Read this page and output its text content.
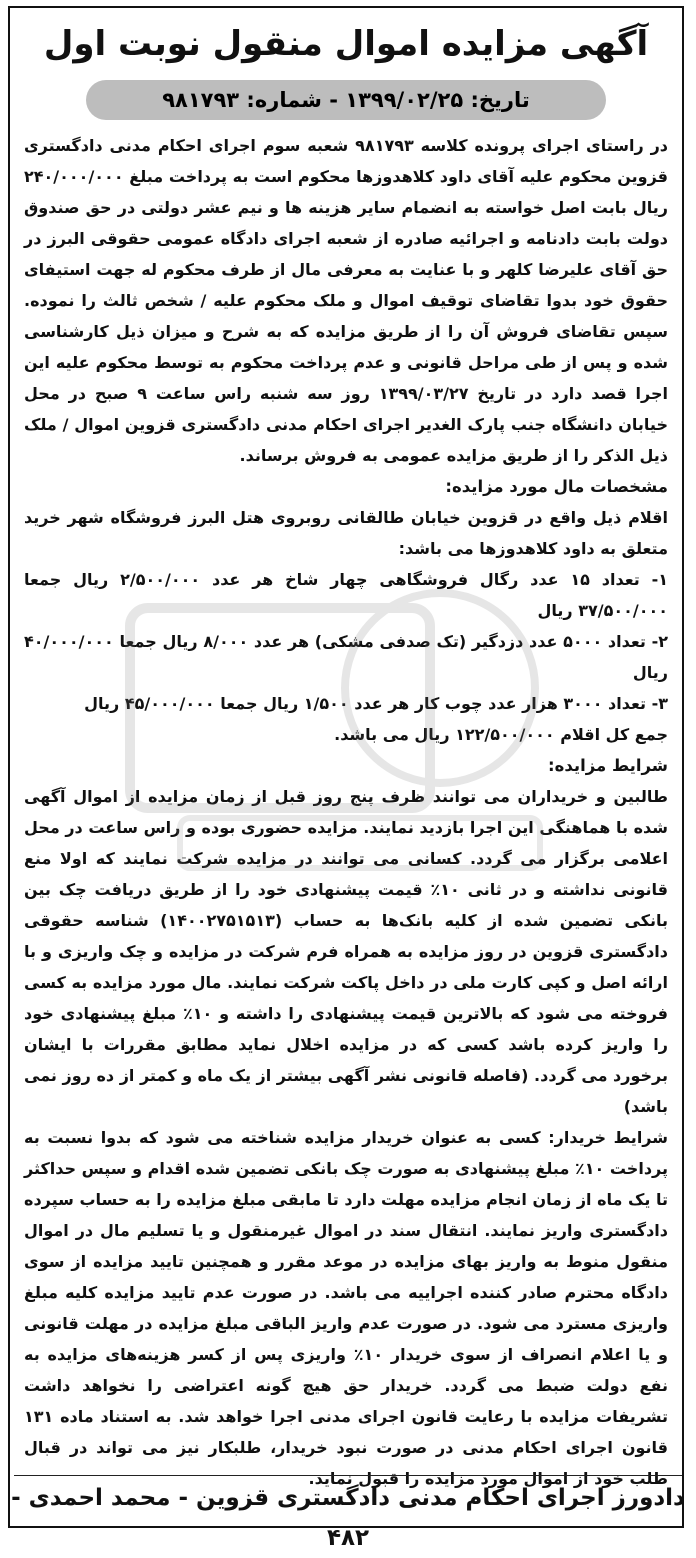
آگهی مزایده اموال منقول نوبت اول
تاریخ: ۱۳۹۹/۰۲/۲۵ - شماره: ۹۸۱۷۹۳

در راستای اجرای پرونده کلاسه ۹۸۱۷۹۳ شعبه سوم اجرای احکام مدنی دادگستری قزوین محکوم علیه آقای داود کلاهدوزها محکوم است به پرداخت مبلغ ۲۴۰/۰۰۰/۰۰۰ ریال بابت اصل خواسته به انضمام سایر هزینه ها و نیم عشر دولتی در حق صندوق دولت بابت دادنامه و اجرائیه صادره از شعبه اجرای دادگاه عمومی حقوقی البرز در حق آقای علیرضا کلهر و با عنایت به معرفی مال از طرف محکوم له جهت استیفای حقوق خود بدوا تقاضای توقیف اموال و ملک محکوم علیه / شخص ثالث را نموده. سپس تقاضای فروش آن را از طریق مزایده که به شرح و میزان ذیل کارشناسی شده و پس از طی مراحل قانونی و عدم پرداخت محکوم به توسط محکوم علیه این اجرا قصد دارد در تاریخ ۱۳۹۹/۰۳/۲۷ روز سه شنبه راس ساعت ۹ صبح در محل خیابان دانشگاه جنب پارک الغدیر اجرای احکام مدنی دادگستری قزوین اموال / ملک ذیل الذکر را از طریق مزایده عمومی به فروش برساند.

مشخصات مال مورد مزایده:

اقلام ذیل واقع در قزوین خیابان طالقانی روبروی هتل البرز فروشگاه شهر خرید متعلق به داود کلاهدوزها می باشد:

۱- تعداد ۱۵ عدد رگال فروشگاهی چهار شاخ هر عدد ۲/۵۰۰/۰۰۰ ریال جمعا ۳۷/۵۰۰/۰۰۰ ریال

۲- تعداد ۵۰۰۰ عدد دزدگیر (تک صدفی مشکی) هر عدد ۸/۰۰۰ ریال جمعا ۴۰/۰۰۰/۰۰۰ ریال

۳- تعداد ۳۰۰۰ هزار عدد چوب کار هر عدد ۱/۵۰۰ ریال جمعا ۴۵/۰۰۰/۰۰۰ ریال

جمع کل اقلام ۱۲۲/۵۰۰/۰۰۰ ریال می باشد.

شرایط مزایده:

طالبین و خریداران می توانند ظرف پنج روز قبل از زمان مزایده از اموال آگهی شده با هماهنگی این اجرا بازدید نمایند. مزایده حضوری بوده و راس ساعت در محل اعلامی برگزار می گردد. کسانی می توانند در مزایده شرکت نمایند که اولا منع قانونی نداشته و در ثانی ۱۰٪ قیمت پیشنهادی خود را از طریق دریافت چک بین بانکی تضمین شده از کلیه بانک‌ها به حساب (۱۴۰۰۲۷۵۱۵۱۳) شناسه حقوقی دادگستری قزوین در روز مزایده به همراه فرم شرکت در مزایده و چک واریزی و با ارائه اصل و کپی کارت ملی در داخل پاکت شرکت نمایند. مال مورد مزایده به کسی فروخته می شود که بالاترین قیمت پیشنهادی را داشته و ۱۰٪ مبلغ پیشنهادی خود را واریز کرده باشد کسی که در مزایده اخلال نماید مطابق مقررات با ایشان برخورد می گردد. (فاصله قانونی نشر آگهی بیشتر از یک ماه و کمتر از ده روز نمی باشد)

شرایط خریدار: کسی به عنوان خریدار مزایده شناخته می شود که بدوا نسبت به پرداخت ۱۰٪ مبلغ پیشنهادی به صورت چک بانکی تضمین شده اقدام و سپس حداکثر تا یک ماه از زمان انجام مزایده مهلت دارد تا مابقی مبلغ مزایده را به حساب سپرده دادگستری واریز نمایند. انتقال سند در اموال غیرمنقول و یا تسلیم مال در اموال منقول منوط به واریز بهای مزایده در موعد مقرر و همچنین تایید مزایده از سوی دادگاه محترم صادر کننده اجراییه می باشد. در صورت عدم تایید مزایده کلیه مبلغ واریزی مسترد می شود. در صورت عدم واریز الباقی مبلغ مزایده در مهلت قانونی و یا اعلام انصراف از سوی خریدار ۱۰٪ واریزی پس از کسر هزینه‌های مزایده به نفع دولت ضبط می گردد. خریدار حق هیچ گونه اعتراضی را نخواهد داشت تشریفات مزایده با رعایت قانون اجرای مدنی اجرا خواهد شد. به استناد ماده ۱۳۱ قانون اجرای احکام مدنی در صورت نبود خریدار، طلبکار نیز می تواند در قبال طلب خود از اموال مورد مزایده را قبول نماید.

دادورز اجرای احکام مدنی دادگستری قزوین - محمد احمدی - ۴۸۲
